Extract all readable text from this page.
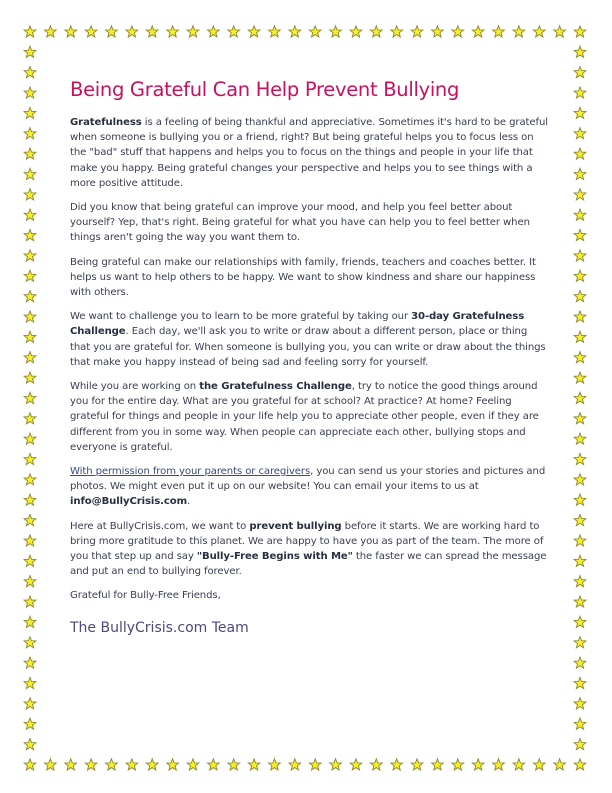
Being Grateful Can Help Prevent Bullying

Gratefulness is a feeling of being thankful and appreciative. Sometimes it's hard to be grateful when someone is bullying you or a friend, right? But being grateful helps you to focus less on the "bad" stuff that happens and helps you to focus on the things and people in your life that make you happy. Being grateful changes your perspective and helps you to see things with a more positive attitude.

Did you know that being grateful can improve your mood, and help you feel better about yourself? Yep, that's right. Being grateful for what you have can help you to feel better when things aren't going the way you want them to.

Being grateful can make our relationships with family, friends, teachers and coaches better. It helps us want to help others to be happy. We want to show kindness and share our happiness with others.

We want to challenge you to learn to be more grateful by taking our 30-day Gratefulness Challenge. Each day, we'll ask you to write or draw about a different person, place or thing that you are grateful for. When someone is bullying you, you can write or draw about the things that make you happy instead of being sad and feeling sorry for yourself.

While you are working on the Gratefulness Challenge, try to notice the good things around you for the entire day. What are you grateful for at school? At practice? At home? Feeling grateful for things and people in your life help you to appreciate other people, even if they are different from you in some way. When people can appreciate each other, bullying stops and everyone is grateful.

With permission from your parents or caregivers, you can send us your stories and pictures and photos. We might even put it up on our website! You can email your items to us at info@BullyCrisis.com.

Here at BullyCrisis.com, we want to prevent bullying before it starts. We are working hard to bring more gratitude to this planet. We are happy to have you as part of the team. The more of you that step up and say "Bully-Free Begins with Me" the faster we can spread the message and put an end to bullying forever.

Grateful for Bully-Free Friends,

The BullyCrisis.com Team
